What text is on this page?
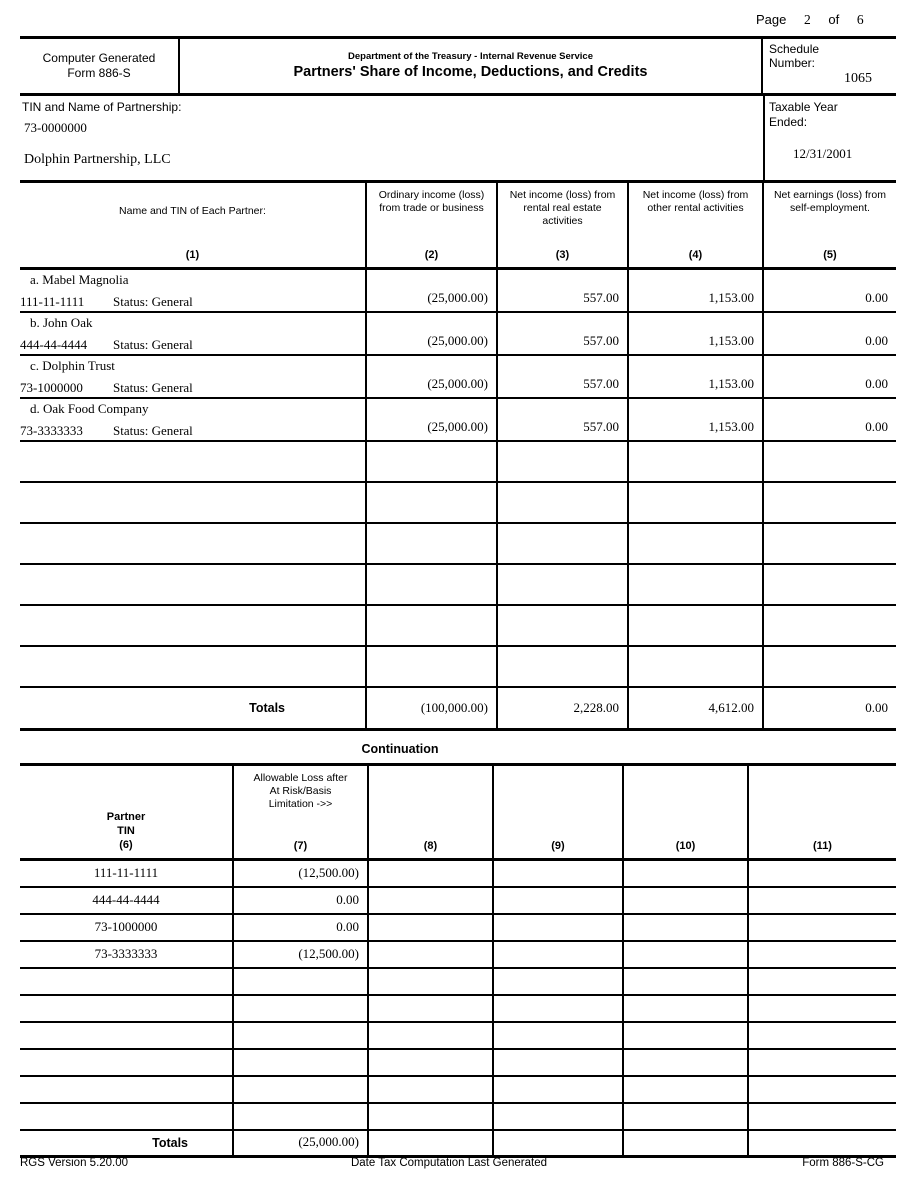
Page 2 of 6
Computer Generated
Form 886-S
Department of the Treasury - Internal Revenue Service
Partners' Share of Income, Deductions, and Credits
Schedule
Number:
1065
TIN and Name of Partnership:
73-0000000
Dolphin Partnership, LLC
Taxable Year
Ended:
12/31/2001
Name and TIN of Each Partner:
(1)

Ordinary income (loss) from trade or business
(2)

Net income (loss) from rental real estate activities
(3)

Net income (loss) from other rental activities
(4)

Net earnings (loss) from self-employment.
(5)

a. Mabel Magnolia
111-11-1111 Status: General	(25,000.00)	557.00	1,153.00	0.00

b. John Oak
444-44-4444 Status: General	(25,000.00)	557.00	1,153.00	0.00

c. Dolphin Trust
73-1000000 Status: General	(25,000.00)	557.00	1,153.00	0.00

d. Oak Food Company
73-3333333 Status: General	(25,000.00)	557.00	1,153.00	0.00

Totals	(100,000.00)	2,228.00	4,612.00	0.00
Continuation
Partner
TIN
(6)

Allowable Loss after
At Risk/Basis
Limitation ->>
(7)	(8)	(9)	(10)	(11)

111-11-1111	(12,500.00)				
444-44-4444	0.00				
73-1000000	0.00				
73-3333333	(12,500.00)				

Totals	(25,000.00)				
Date Tax Computation Last Generated
RGS Version 5.20.00	Form 886-S-CG
